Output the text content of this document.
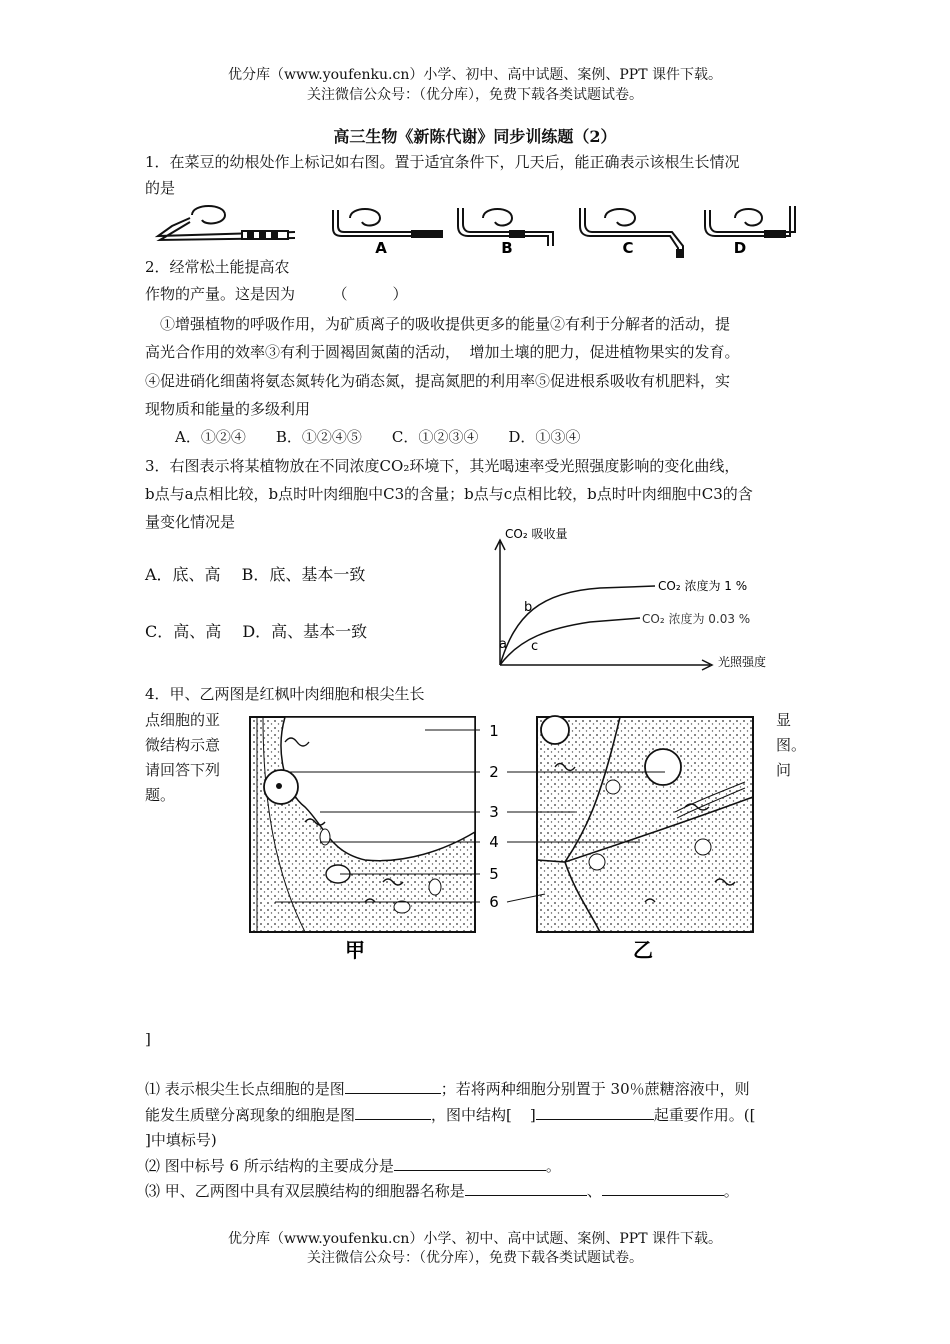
优分库（www.youfenku.cn）小学、初中、高中试题、案例、PPT 课件下载。
关注微信公众号：（优分库），免费下载各类试题试卷。
高三生物《新陈代谢》同步训练题（2）
1．在菜豆的幼根处作上标记如右图。置于适宜条件下，几天后，能正确表示该根生长情况
的是
A	B	C	D
2．经常松土能提高农
作物的产量。这是因为　　　（　　　）
　①增强植物的呼吸作用，为矿质离子的吸收提供更多的能量②有利于分解者的活动，提
高光合作用的效率③有利于圆褐固氮菌的活动，  增加土壤的肥力，促进植物果实的发育。
④促进硝化细菌将氨态氮转化为硝态氮，提高氮肥的利用率⑤促进根系吸收有机肥料，实
现物质和能量的多级利用
　　A．①②④　　B．①②④⑤　　C．①②③④　　D．①③④
3．右图表示将某植物放在不同浓度CO₂环境下，其光喝速率受光照强度影响的变化曲线，
b点与a点相比较，b点时叶肉细胞中C3的含量；b点与c点相比较，b点时叶肉细胞中C3的含
量变化情况是
A．底、高　 B．底、基本一致
C．高、高　 D．高、基本一致
CO₂ 吸收量
光照强度
CO₂ 浓度为 1 %
CO₂ 浓度为 0.03 %
a
b
c
4．甲、乙两图是红枫叶肉细胞和根尖生长
点细胞的亚
微结构示意
请回答下列
题。
显
图。
问
1
2
3
4
5
6
甲	乙
]
⑴ 表示根尖生长点细胞的是图	；若将两种细胞分别置于 30％蔗糖溶液中，则
能发生质壁分离现象的细胞是图	，图中结构[ ]	起重要作用。([
]中填标号)
⑵ 图中标号 6 所示结构的主要成分是	。
⑶ 甲、乙两图中具有双层膜结构的细胞器名称是	、	。
优分库（www.youfenku.cn）小学、初中、高中试题、案例、PPT 课件下载。
关注微信公众号：（优分库），免费下载各类试题试卷。
